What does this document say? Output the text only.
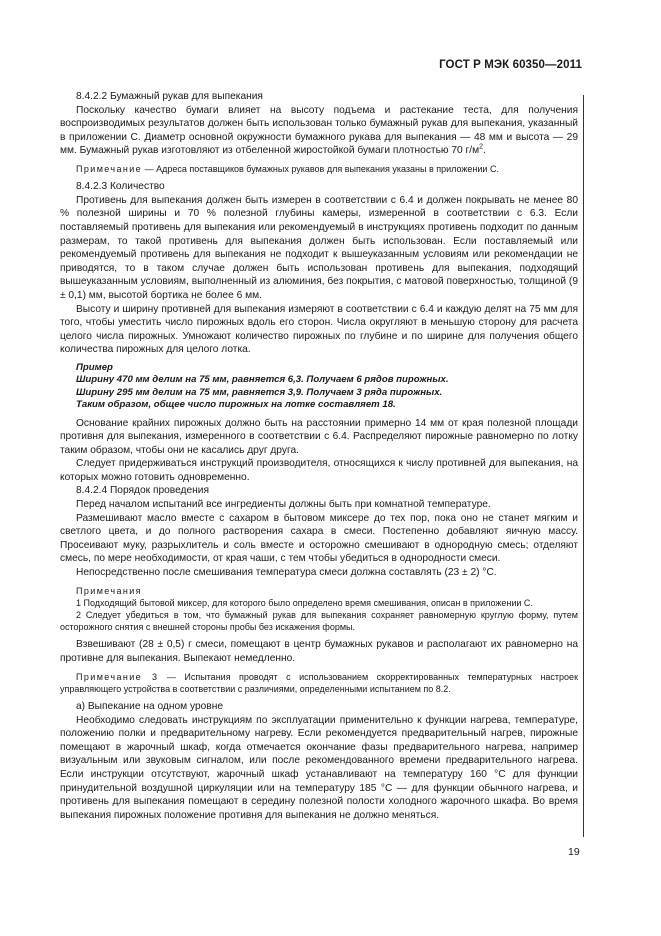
ГОСТ Р МЭК 60350—2011

8.4.2.2 Бумажный рукав для выпекания

Поскольку качество бумаги влияет на высоту подъема и растекание теста, для получения воспроизводимых результатов должен быть использован только бумажный рукав для выпекания, указанный в приложении С. Диаметр основной окружности бумажного рукава для выпекания — 48 мм и высота — 29 мм. Бумажный рукав изготовляют из отбеленной жиростойкой бумаги плотностью 70 $г/м^2$.

Примечание — Адреса поставщиков бумажных рукавов для выпекания указаны в приложении С.

8.4.2.3 Количество

Противень для выпекания должен быть измерен в соответствии с 6.4 и должен покрывать не менее 80 % полезной ширины и 70 % полезной глубины камеры, измеренной в соответствии с 6.3. Если поставляемый противень для выпекания или рекомендуемый в инструкциях противень подходит по данным размерам, то такой противень для выпекания должен быть использован. Если поставляемый или рекомендуемый противень для выпекания не подходит к вышеуказанным условиям или рекомендации не приводятся, то в таком случае должен быть использован противень для выпекания, подходящий вышеуказанным условиям, выполненный из алюминия, без покрытия, с матовой поверхностью, толщиной (9 ± 0,1) мм, высотой бортика не более 6 мм.

Высоту и ширину противней для выпекания измеряют в соответствии с 6.4 и каждую делят на 75 мм для того, чтобы уместить число пирожных вдоль его сторон. Числа округляют в меньшую сторону для расчета целого числа пирожных. Умножают количество пирожных по глубине и по ширине для получения общего количества пирожных для целого лотка.

Пример

Ширину 470 мм делим на 75 мм, равняется 6,3. Получаем 6 рядов пирожных.

Ширину 295 мм делим на 75 мм, равняется 3,9. Получаем 3 ряда пирожных.

Таким образом, общее число пирожных на лотке составляет 18.

Основание крайних пирожных должно быть на расстоянии примерно 14 мм от края полезной площади противня для выпекания, измеренного в соответствии с 6.4. Распределяют пирожные равномерно по лотку таким образом, чтобы они не касались друг друга.

Следует придерживаться инструкций производителя, относящихся к числу противней для выпекания, на которых можно готовить одновременно.

8.4.2.4 Порядок проведения

Перед началом испытаний все ингредиенты должны быть при комнатной температуре.

Размешивают масло вместе с сахаром в бытовом миксере до тех пор, пока оно не станет мягким и светлого цвета, и до полного растворения сахара в смеси. Постепенно добавляют яичную массу. Просеивают муку, разрыхлитель и соль вместе и осторожно смешивают в однородную смесь; отделяют смесь, по мере необходимости, от края чаши, с тем чтобы убедиться в однородности смеси.

Непосредственно после смешивания температура смеси должна составлять (23 ± 2) °С.

Примечания

1 Подходящий бытовой миксер, для которого было определено время смешивания, описан в приложении С.

2 Следует убедиться в том, что бумажный рукав для выпекания сохраняет равномерную круглую форму, путем осторожного снятия с внешней стороны пробы без искажения формы.

Взвешивают (28 ± 0,5) г смеси, помещают в центр бумажных рукавов и располагают их равномерно на противне для выпекания. Выпекают немедленно.

Примечание 3 — Испытания проводят с использованием скорректированных температурных настроек управляющего устройства в соответствии с различиями, определенными испытанием по 8.2.

а) Выпекание на одном уровне

Необходимо следовать инструкциям по эксплуатации применительно к функции нагрева, температуре, положению полки и предварительному нагреву. Если рекомендуется предварительный нагрев, пирожные помещают в жарочный шкаф, когда отмечается окончание фазы предварительного нагрева, например визуальным или звуковым сигналом, или после рекомендованного времени предварительного нагрева. Если инструкции отсутствуют, жарочный шкаф устанавливают на температуру 160 °С для функции принудительной воздушной циркуляции или на температуру 185 °С — для функции обычного нагрева, и противень для выпекания помещают в середину полезной полости холодного жарочного шкафа. Во время выпекания пирожных положение противня для выпекания не должно меняться.

19
